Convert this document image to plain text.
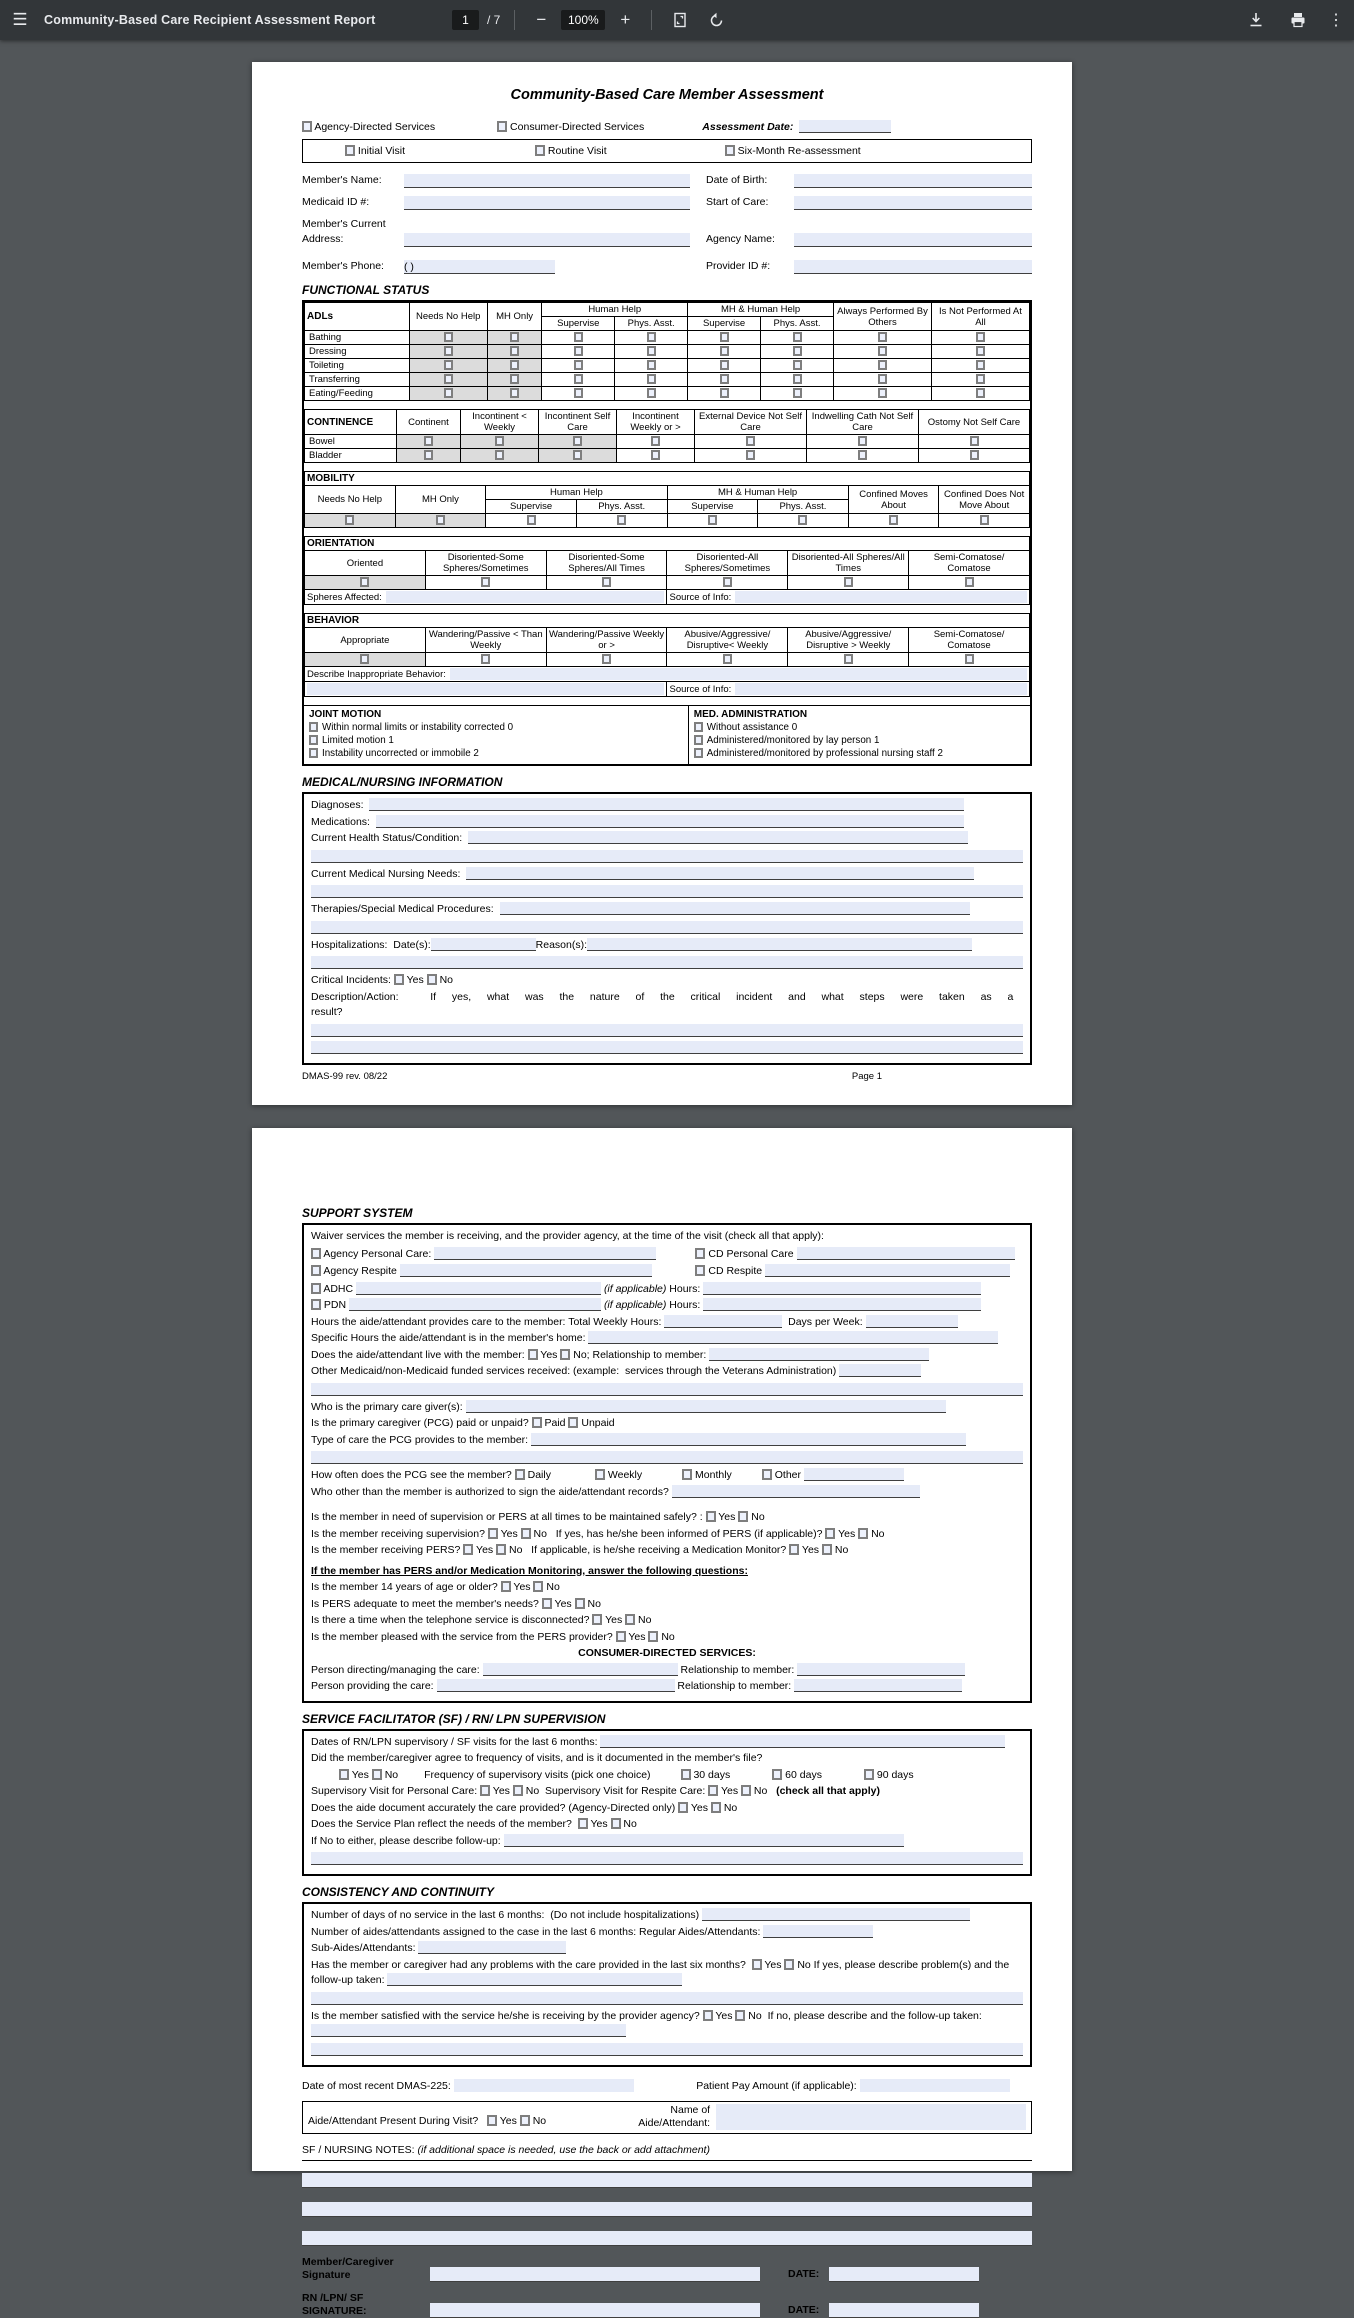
☰ Community-Based Care Recipient Assessment Report
1	/ 7 −	100%	+	⋮
Community-Based Care Member Assessment
Agency-Directed Services	Consumer-Directed Services	Assessment Date:
Initial Visit	Routine Visit	Six-Month Re-assessment
Member's Name:	Date of Birth:
Medicaid ID #:	Start of Care:
Member's Current
Address:	Agency Name:
Member's Phone:	( )	Provider ID #:
FUNCTIONAL STATUS
ADLs	Needs No Help	MH Only	Human Help		MH & Human Help		Always Performed By Others	Is Not Performed At All
			Supervise	Phys. Asst.	Supervise	Phys. Asst.		
Bathing								
Dressing								
Toileting								
Transferring								
Eating/Feeding								
CONTINENCE	Continent	Incontinent < Weekly	Incontinent Self Care	Incontinent Weekly or >	External Device Not Self Care	Indwelling Cath Not Self Care	Ostomy Not Self Care
Bowel							
Bladder							
MOBILITY							
Needs No Help	MH Only	Human Help		MH & Human Help		Confined Moves About	Confined Does Not Move About
		Supervise	Phys. Asst.	Supervise	Phys. Asst.		

ORIENTATION					
Oriented	Disoriented-Some Spheres/Sometimes	Disoriented-Some Spheres/All Times	Disoriented-All Spheres/Sometimes	Disoriented-All Spheres/All Times	Semi-Comatose/ Comatose

Spheres Affected:			Source of Info:		
BEHAVIOR					
Appropriate	Wandering/Passive < Than Weekly	Wandering/Passive Weekly or >	Abusive/Aggressive/ Disruptive< Weekly	Abusive/Aggressive/ Disruptive > Weekly	Semi-Comatose/ Comatose

Describe Inappropriate Behavior:					

			Source of Info:		
JOINT MOTION
Within normal limits or instability corrected 0
Limited motion 1
Instability uncorrected or immobile 2
MED. ADMINISTRATION
Without assistance 0
Administered/monitored by lay person 1
Administered/monitored by professional nursing staff 2
MEDICAL/NURSING INFORMATION
Diagnoses:
Medications:
Current Health Status/Condition:
Current Medical Nursing Needs:
Therapies/Special Medical Procedures:
Hospitalizations:  Date(s):	Reason(s):
Critical Incidents:  Yes  No
Description/Action:    If  yes,  what  was  the  nature  of  the  critical  incident  and  what  steps  were  taken  as  a  result?
DMAS-99 rev. 08/22	Page 1
SUPPORT SYSTEM
Waiver services the member is receiving, and the provider agency, at the time of the visit (check all that apply):
Agency Personal Care:	CD Personal Care
Agency Respite	CD Respite
ADHC	(if applicable) Hours:
PDN	(if applicable) Hours:
Hours the aide/attendant provides care to the member: Total Weekly Hours:	Days per Week:
Specific Hours the aide/attendant is in the member's home:
Does the aide/attendant live with the member:  Yes  No; Relationship to member:
Other Medicaid/non-Medicaid funded services received: (example:  services through the Veterans Administration)
Who is the primary care giver(s):
Is the primary caregiver (PCG) paid or unpaid?  Paid  Unpaid
Type of care the PCG provides to the member:
How often does the PCG see the member?  Daily	Weekly	Monthly	Other
Who other than the member is authorized to sign the aide/attendant records?
Is the member in need of supervision or PERS at all times to be maintained safely? :  Yes  No
Is the member receiving supervision?  Yes  No   If yes, has he/she been informed of PERS (if applicable)?  Yes  No
Is the member receiving PERS?  Yes  No   If applicable, is he/she receiving a Medication Monitor?  Yes  No
If the member has PERS and/or Medication Monitoring, answer the following questions:
Is the member 14 years of age or older?  Yes  No
Is PERS adequate to meet the member's needs?  Yes  No
Is there a time when the telephone service is disconnected?  Yes  No
Is the member pleased with the service from the PERS provider?  Yes  No
CONSUMER-DIRECTED SERVICES:
Person directing/managing the care:	Relationship to member:
Person providing the care:	Relationship to member:
SERVICE FACILITATOR (SF) / RN/ LPN SUPERVISION
Dates of RN/LPN supervisory / SF visits for the last 6 months:
Did the member/caregiver agree to frequency of visits, and is it documented in the member's file?
Yes  No Frequency of supervisory visits (pick one choice)	30 days	60 days	90 days
Supervisory Visit for Personal Care:  Yes  No  Supervisory Visit for Respite Care:  Yes  No   (check all that apply)
Does the aide document accurately the care provided? (Agency-Directed only)  Yes  No
Does the Service Plan reflect the needs of the member?   Yes  No
If No to either, please describe follow-up:
CONSISTENCY AND CONTINUITY
Number of days of no service in the last 6 months:  (Do not include hospitalizations)
Number of aides/attendants assigned to the case in the last 6 months: Regular Aides/Attendants:
Sub-Aides/Attendants:
Has the member or caregiver had any problems with the care provided in the last six months?   Yes  No If yes, please describe problem(s) and the follow-up taken:
Is the member satisfied with the service he/she is receiving by the provider agency?  Yes  No  If no, please describe and the follow-up taken:
Date of most recent DMAS-225:	Patient Pay Amount (if applicable):
Aide/Attendant Present During Visit?    Yes  No
Name of
Aide/Attendant:
SF / NURSING NOTES: (if additional space is needed, use the back or add attachment)
Member/Caregiver
Signature	DATE:
RN /LPN/ SF
SIGNATURE:	DATE:
